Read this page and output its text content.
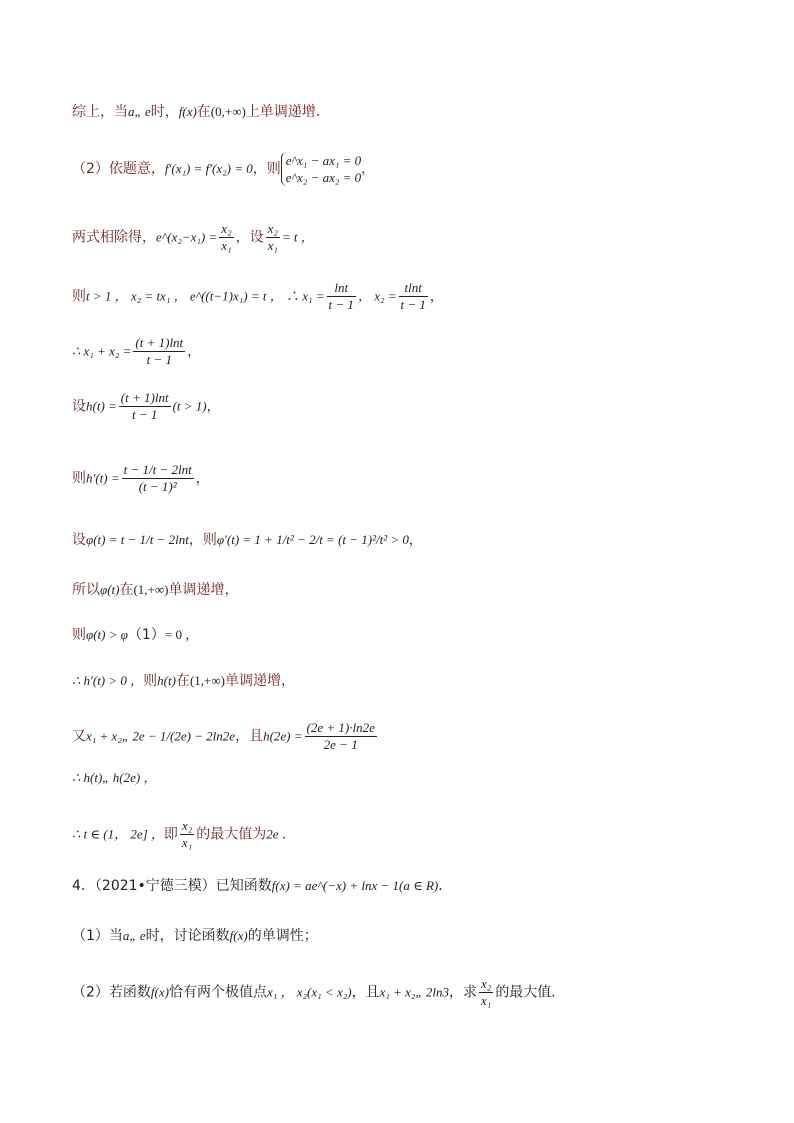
综上，当a„ e时，f(x)在(0,+∞)上单调递增．
（2）依题意，f′(x₁) = f′(x₂) = 0，则
e^x₁ − ax₁ = 0
e^x₂ − ax₂ = 0
，
两式相除得，e^(x₂−x₁) = $\frac{\text{x₂}}{\text{x₁}}$ ，设 $\frac{\text{x₂}}{\text{x₁}} = t$ ，
则t > 1 ， x₂ = tx₁ ， e^((t−1)x₁) = t ， ∴ $x_1 = \frac{\ln t}{t - 1}$ ， $x_2 = \frac{tlnt}{t - 1}$ ，
∴ $x_1 + x_2 = \frac{(t + 1)\ln t}{t - 1}$ ，
设$h(t) = \frac{(t + 1)\ln t}{t - 1} (t > 1)$，
则$h'(t) = \frac{t - 1/t - 2\ln t}{\text{(t − 1)²}}$ ，
设φ(t) = t − 1/t − 2lnt，则φ′(t) = 1 + 1/t² − 2/t = (t − 1)²/t² > 0，
所以φ(t)在(1,+∞)单调递增，
则φ(t) > φ（1）= 0 ，
∴ h′(t) > 0 ，则h(t)在(1,+∞)单调递增，
又x₁ + x₂„ 2e − 1/(2e) − 2ln2e，且$h(2e) = \frac{(2e + 1)\cdot\ln 2e}{2e - 1}$
∴ h(t)„ h(2e) ，
∴ t ∈ (1， 2e] ，即 $\frac{\text{x₂}}{\text{x₁}}$ 的最大值为2e ．
4．（2021•宁德三模）已知函数f(x) = ae^(−x) + lnx − 1(a ∈ R)．
（1）当a„ e时，讨论函数f(x)的单调性；
（2）若函数f(x)恰有两个极值点x₁ ， x₂(x₁ < x₂)，且x₁ + x₂„ 2ln3，求 $\frac{\text{x₂}}{\text{x₁}}$ 的最大值．
